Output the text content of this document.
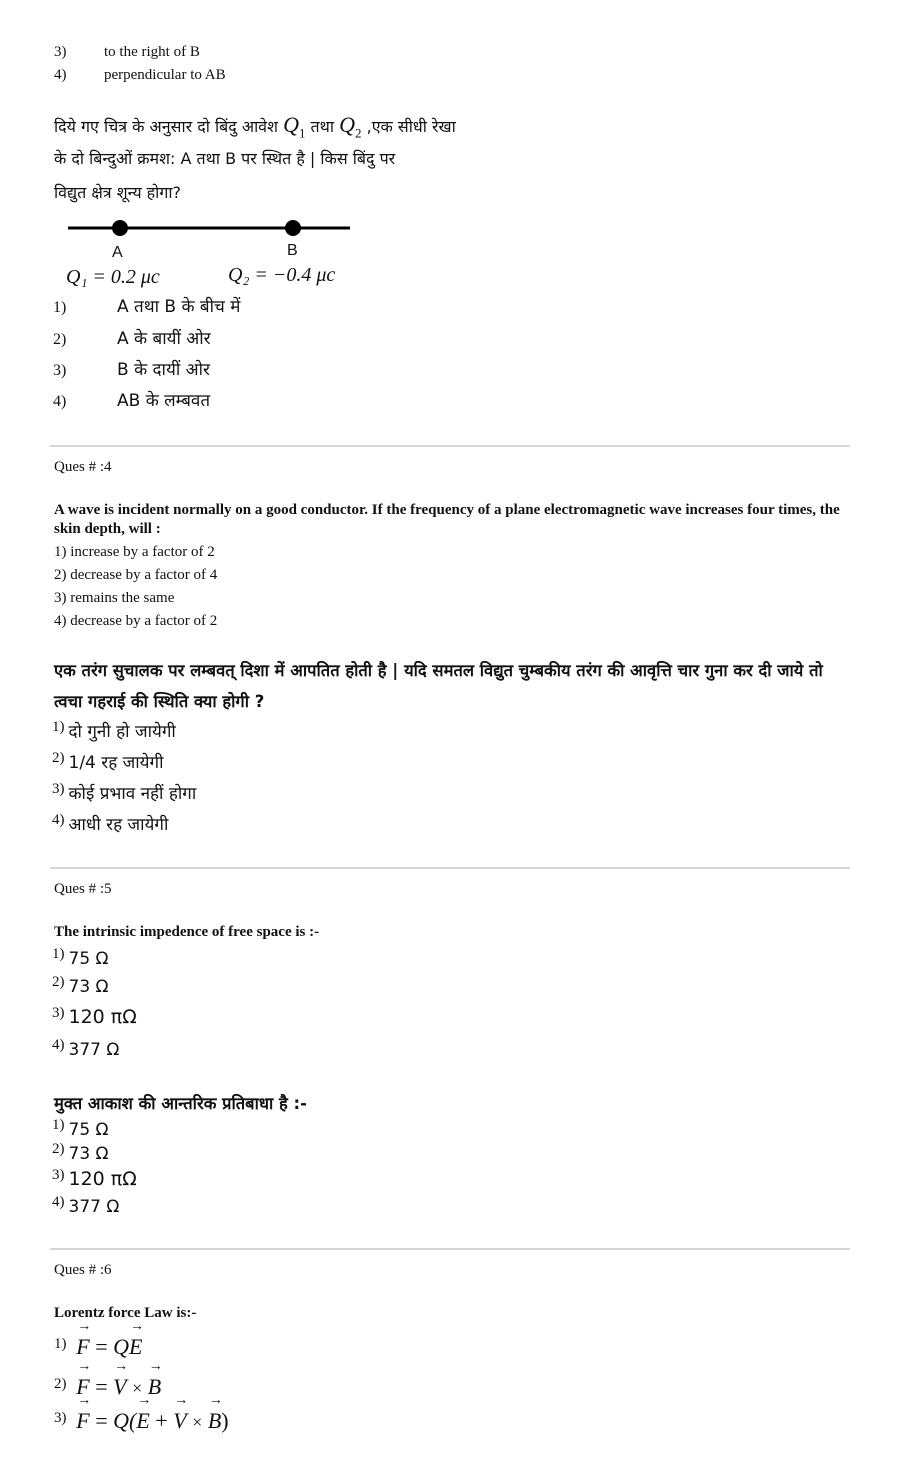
3)	to the right of B
4)	perpendicular to AB
दिये गए चित्र के अनुसार दो बिंदु आवेश $Q_1$ तथा $Q_2$ ,एक सीधी रेखा
के दो बिन्दुओं क्रमश: A तथा B पर स्थित है | किस बिंदु पर
विद्युत क्षेत्र शून्य होगा?
A	B
Q₁ = 0.2 μc	Q₂ = −0.4 μc
1)	A तथा B के बीच में
2)	A के बायीं ओर
3)	B के दायीं ओर
4)	AB के लम्बवत
Ques # :4
A wave is incident normally on a good conductor. If the frequency of a plane electromagnetic wave increases four times, the skin depth, will :
1) increase by a factor of 2
2) decrease by a factor of 4
3) remains the same
4) decrease by a factor of 2
एक तरंग सुचालक पर लम्बवत् दिशा में आपतित होती है | यदि समतल विद्युत चुम्बकीय तरंग की आवृत्ति चार गुना कर दी जाये तो त्वचा गहराई की स्थिति क्या होगी ?
$^{1)}$ दो गुनी हो जायेगी
$^{2)}$ 1/4 रह जायेगी
$^{3)}$ कोई प्रभाव नहीं होगा
$^{4)}$ आधी रह जायेगी
Ques # :5
The intrinsic impedence of free space is :-
$^{1)}$ 75 Ω
$^{2)}$ 73 Ω
$^{3)}$ 120 πΩ
$^{4)}$ 377 Ω
मुक्त आकाश की आन्तरिक प्रतिबाधा है :-
$^{1)}$ 75 Ω
$^{2)}$ 73 Ω
$^{3)}$ 120 πΩ
$^{4)}$ 377 Ω
Ques # :6
Lorentz force Law is:-
$^{1)}$ → F = Q→ E
$^{2)}$ → F = → V × → B
$^{3)}$ → F = Q(→ E + → V × → B)
